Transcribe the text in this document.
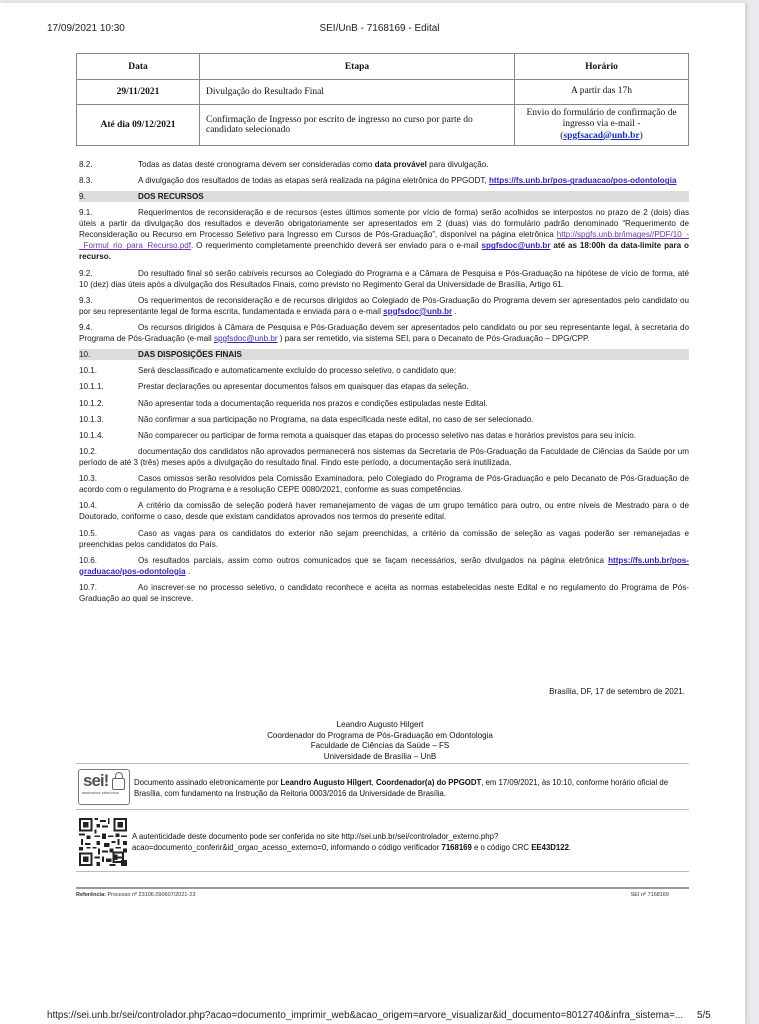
17/09/2021 10:30	SEI/UnB - 7168169 - Edital
Data	Etapa	Horário
29/11/2021	Divulgação do Resultado Final	A partir das 17h
Até dia 09/12/2021	Confirmação de Ingresso por escrito de ingresso no curso por parte do candidato selecionado	Envio do formulário de confirmação de ingresso via e-mail - (spgfsacad@unb.br)

8.2.	Todas as datas deste cronograma devem ser consideradas como data provável para divulgação.

8.3.	A divulgação dos resultados de todas as etapas será realizada na página eletrônica do PPGODT, https://fs.unb.br/pos-graduacao/pos-odontologia

9.	DOS RECURSOS

9.1.	Requerimentos de reconsideração e de recursos (estes últimos somente por vício de forma) serão acolhidos se interpostos no prazo de 2 (dois) dias úteis a partir da divulgação dos resultados e deverão obrigatoriamente ser apresentados em 2 (duas) vias do formulário padrão denominado “Requerimento de Reconsideração ou Recurso em Processo Seletivo para Ingresso em Cursos de Pós-Graduação”, disponível na página eletrônica http://spgfs.unb.br/images//PDF/10_-_Formul_rio_para_Recurso.pdf. O requerimento completamente preenchido deverá ser enviado para o e-mail spgfsdoc@unb.br até as 18:00h da data-limite para o recurso.

9.2.	Do resultado final só serão cabíveis recursos ao Colegiado do Programa e a Câmara de Pesquisa e Pós-Graduação na hipótese de vício de forma, até 10 (dez) dias úteis após a divulgação dos Resultados Finais, como previsto no Regimento Geral da Universidade de Brasília, Artigo 61.

9.3.	Os requerimentos de reconsideração e de recursos dirigidos ao Colegiado de Pós-Graduação do Programa devem ser apresentados pelo candidato ou por seu representante legal de forma escrita, fundamentada e enviada para o e-mail spgfsdoc@unb.br .

9.4.	Os recursos dirigidos à Câmara de Pesquisa e Pós-Graduação devem ser apresentados pelo candidato ou por seu representante legal, à secretaria do Programa de Pós-Graduação (e-mail spgfsdoc@unb.br ) para ser remetido, via sistema SEI, para o Decanato de Pós-Graduação – DPG/CPP.

10.	DAS DISPOSIÇÕES FINAIS

10.1.	Será desclassificado e automaticamente excluído do processo seletivo, o candidato que:

10.1.1.	Prestar declarações ou apresentar documentos falsos em quaisquer das etapas da seleção.

10.1.2.	Não apresentar toda a documentação requerida nos prazos e condições estipuladas neste Edital.

10.1.3.	Não confirmar a sua participação no Programa, na data especificada neste edital, no caso de ser selecionado.

10.1.4.	Não comparecer ou participar de forma remota a quaisquer das etapas do processo seletivo nas datas e horários previstos para seu início.

10.2.	documentação dos candidatos não aprovados permanecerá nos sistemas da Secretaria de Pós-Graduação da Faculdade de Ciências da Saúde por um período de até 3 (três) meses após a divulgação do resultado final. Findo este período, a documentação será inutilizada.

10.3.	Casos omissos serão resolvidos pela Comissão Examinadora, pelo Colegiado do Programa de Pós-Graduação e pelo Decanato de Pós-Graduação de acordo com o regulamento do Programa e a resolução CEPE 0080/2021, conforme as suas competências.

10.4.	A critério da comissão de seleção poderá haver remanejamento de vagas de um grupo temático para outro, ou entre níveis de Mestrado para o de Doutorado, conforme o caso, desde que existam candidatos aprovados nos termos do presente edital.

10.5.	Caso as vagas para os candidatos do exterior não sejam preenchidas, a critério da comissão de seleção as vagas poderão ser remanejadas e preenchidas pelos candidatos do País.

10.6.	Os resultados parciais, assim como outros comunicados que se façam necessários, serão divulgados na página eletrônica https://fs.unb.br/pos-graduacao/pos-odontologia .

10.7.	Ao inscrever-se no processo seletivo, o candidato reconhece e aceita as normas estabelecidas neste Edital e no regulamento do Programa de Pós-Graduação ao qual se inscreve.

Brasília, DF, 17 de setembro de 2021.
Leandro Augusto Hilgert
Coordenador do Programa de Pós-Graduação em Odontologia
Faculdade de Ciências da Saúde – FS
Universidade de Brasília – UnB
sei!
assinatura eletrônica
Documento assinado eletronicamente por Leandro Augusto Hilgert, Coordenador(a) do PPGODT, em 17/09/2021, às 10:10, conforme horário oficial de Brasília, com fundamento na Instrução da Reitoria 0003/2016 da Universidade de Brasília.
A autenticidade deste documento pode ser conferida no site http://sei.unb.br/sei/controlador_externo.php?acao=documento_conferir&id_orgao_acesso_externo=0, informando o código verificador 7168169 e o código CRC EE43D122.
Referência: Processo nº 23106.090607/2021-23	SEI nº 7168169
https://sei.unb.br/sei/controlador.php?acao=documento_imprimir_web&acao_origem=arvore_visualizar&id_documento=8012740&infra_sistema=... 5/5
